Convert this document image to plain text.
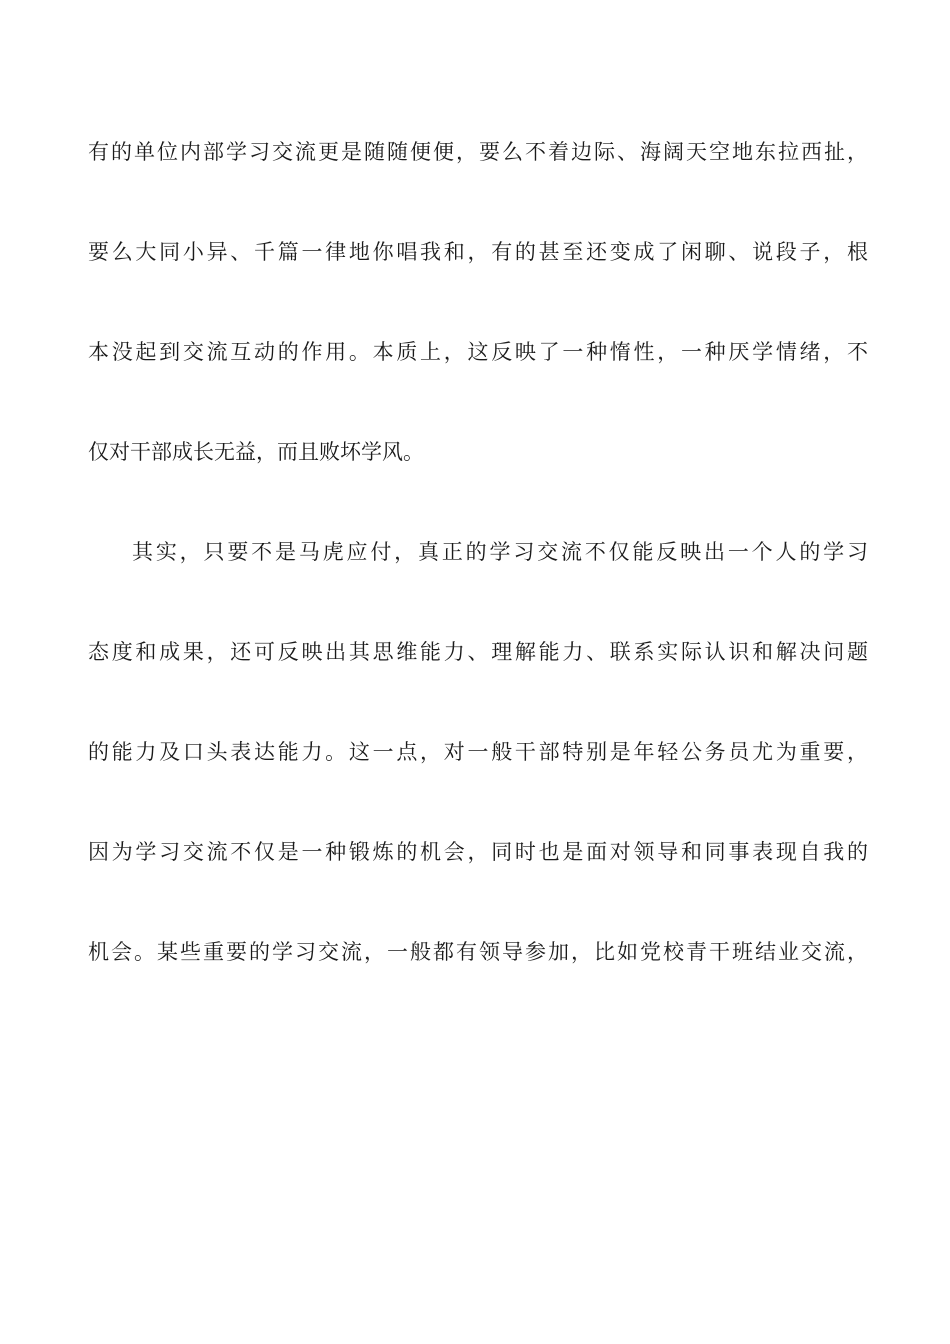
有的单位内部学习交流更是随随便便，要么不着边际、海阔天空地东拉西扯，
要么大同小异、千篇一律地你唱我和，有的甚至还变成了闲聊、说段子，根
本没起到交流互动的作用。本质上，这反映了一种惰性，一种厌学情绪，不
仅对干部成长无益，而且败坏学风。
其实，只要不是马虎应付，真正的学习交流不仅能反映出一个人的学习
态度和成果，还可反映出其思维能力、理解能力、联系实际认识和解决问题
的能力及口头表达能力。这一点，对一般干部特别是年轻公务员尤为重要，
因为学习交流不仅是一种锻炼的机会，同时也是面对领导和同事表现自我的
机会。某些重要的学习交流，一般都有领导参加，比如党校青干班结业交流，
